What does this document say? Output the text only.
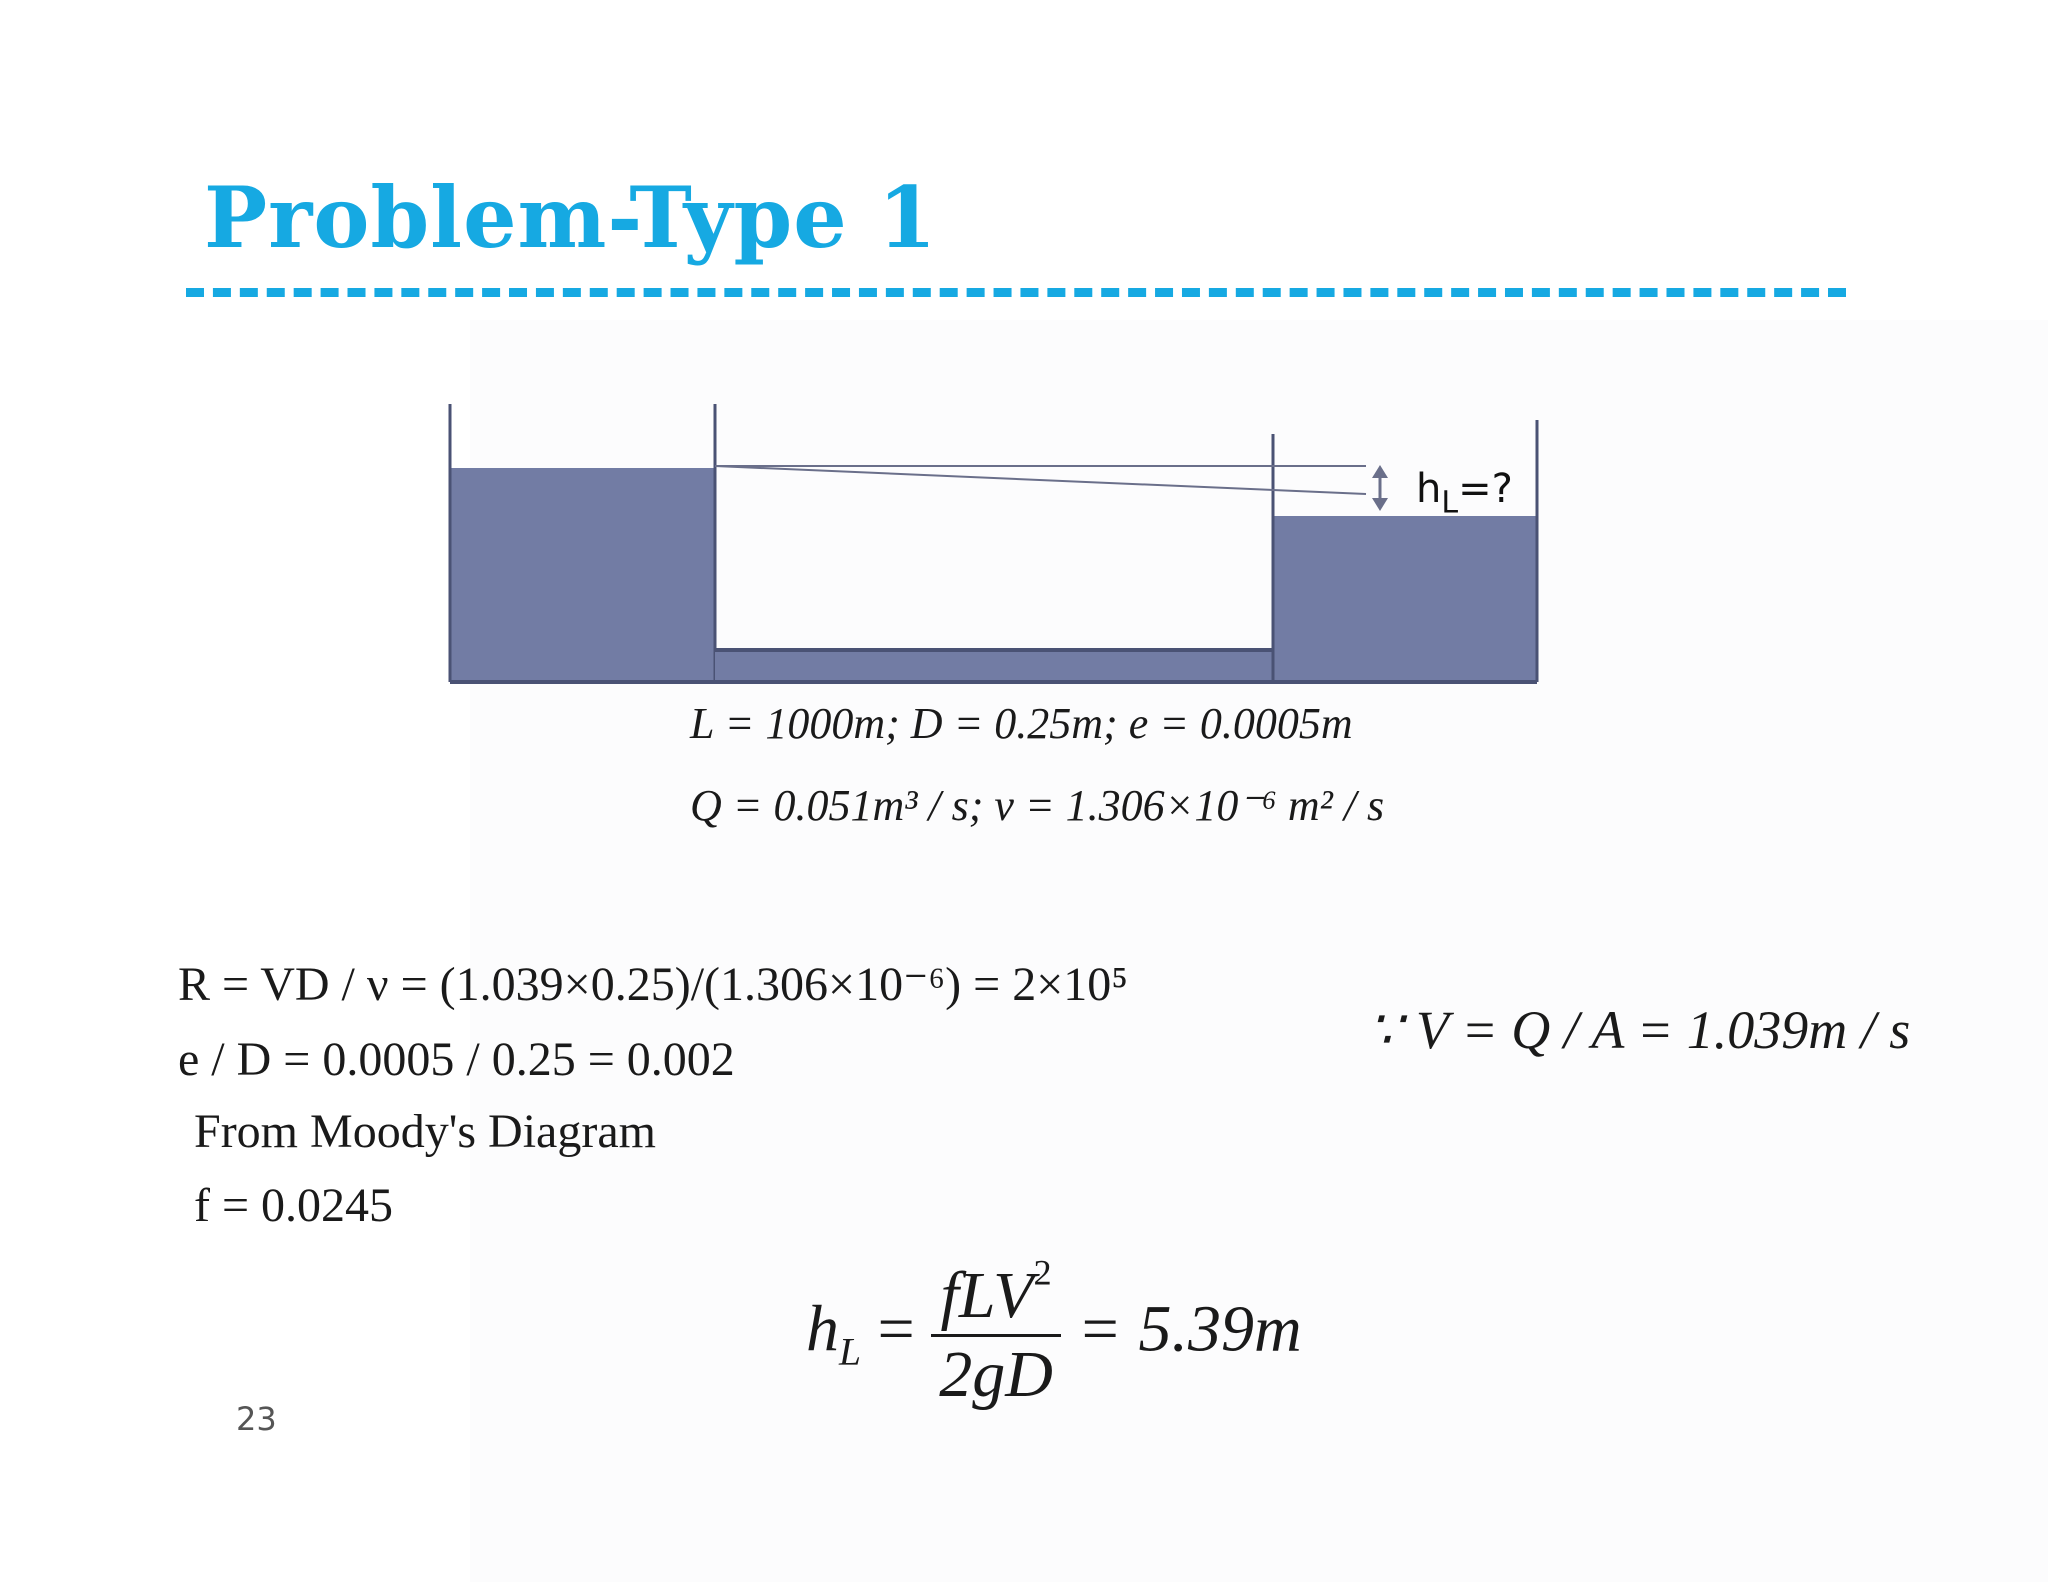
Problem-Type 1
$h_L=$?
L = 1000m; D = 0.25m; e = 0.0005m
Q = 0.051m³ / s; ν = 1.306×10⁻⁶ m² / s
R = VD / ν = (1.039×0.25)/(1.306×10⁻⁶) = 2×10⁵
e / D = 0.0005 / 0.25 = 0.002
From Moody's Diagram
f = 0.0245
∵ V = Q / A = 1.039m / s
$h_L = \frac{fLV^2}{2gD} = 5.39m$
23
